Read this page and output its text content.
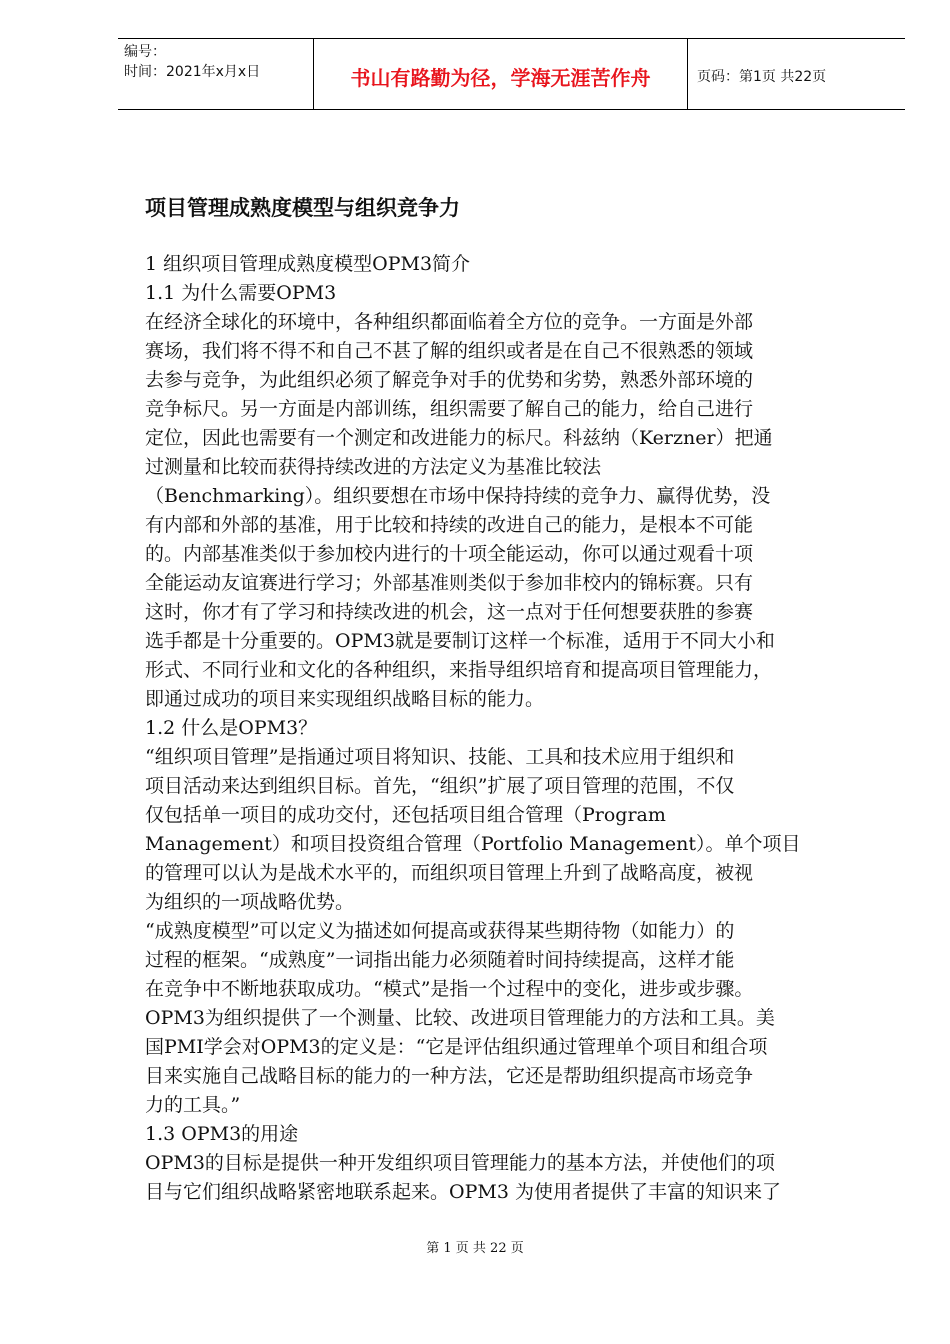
编号：
时间：2021年x月x日	书山有路勤为径，学海无涯苦作舟	页码：第1页 共22页
项目管理成熟度模型与组织竞争力
1 组织项目管理成熟度模型OPM3简介
1.1 为什么需要OPM3
在经济全球化的环境中，各种组织都面临着全方位的竞争。一方面是外部
赛场，我们将不得不和自己不甚了解的组织或者是在自己不很熟悉的领域
去参与竞争，为此组织必须了解竞争对手的优势和劣势，熟悉外部环境的
竞争标尺。另一方面是内部训练，组织需要了解自己的能力，给自己进行
定位，因此也需要有一个测定和改进能力的标尺。科兹纳（Kerzner）把通
过测量和比较而获得持续改进的方法定义为基准比较法
（Benchmarking）。组织要想在市场中保持持续的竞争力、赢得优势，没
有内部和外部的基准，用于比较和持续的改进自己的能力，是根本不可能
的。内部基准类似于参加校内进行的十项全能运动，你可以通过观看十项
全能运动友谊赛进行学习；外部基准则类似于参加非校内的锦标赛。只有
这时，你才有了学习和持续改进的机会，这一点对于任何想要获胜的参赛
选手都是十分重要的。OPM3就是要制订这样一个标准，适用于不同大小和
形式、不同行业和文化的各种组织，来指导组织培育和提高项目管理能力，
即通过成功的项目来实现组织战略目标的能力。
1.2 什么是OPM3？
“组织项目管理”是指通过项目将知识、技能、工具和技术应用于组织和
项目活动来达到组织目标。首先，“组织”扩展了项目管理的范围，不仅
仅包括单一项目的成功交付，还包括项目组合管理（Program
Management）和项目投资组合管理（Portfolio Management）。单个项目
的管理可以认为是战术水平的，而组织项目管理上升到了战略高度，被视
为组织的一项战略优势。
“成熟度模型”可以定义为描述如何提高或获得某些期待物（如能力）的
过程的框架。“成熟度”一词指出能力必须随着时间持续提高，这样才能
在竞争中不断地获取成功。“模式”是指一个过程中的变化，进步或步骤。
OPM3为组织提供了一个测量、比较、改进项目管理能力的方法和工具。美
国PMI学会对OPM3的定义是：“它是评估组织通过管理单个项目和组合项
目来实施自己战略目标的能力的一种方法，它还是帮助组织提高市场竞争
力的工具。”
1.3 OPM3的用途
OPM3的目标是提供一种开发组织项目管理能力的基本方法，并使他们的项
目与它们组织战略紧密地联系起来。OPM3 为使用者提供了丰富的知识来了
第 1 页 共 22 页
